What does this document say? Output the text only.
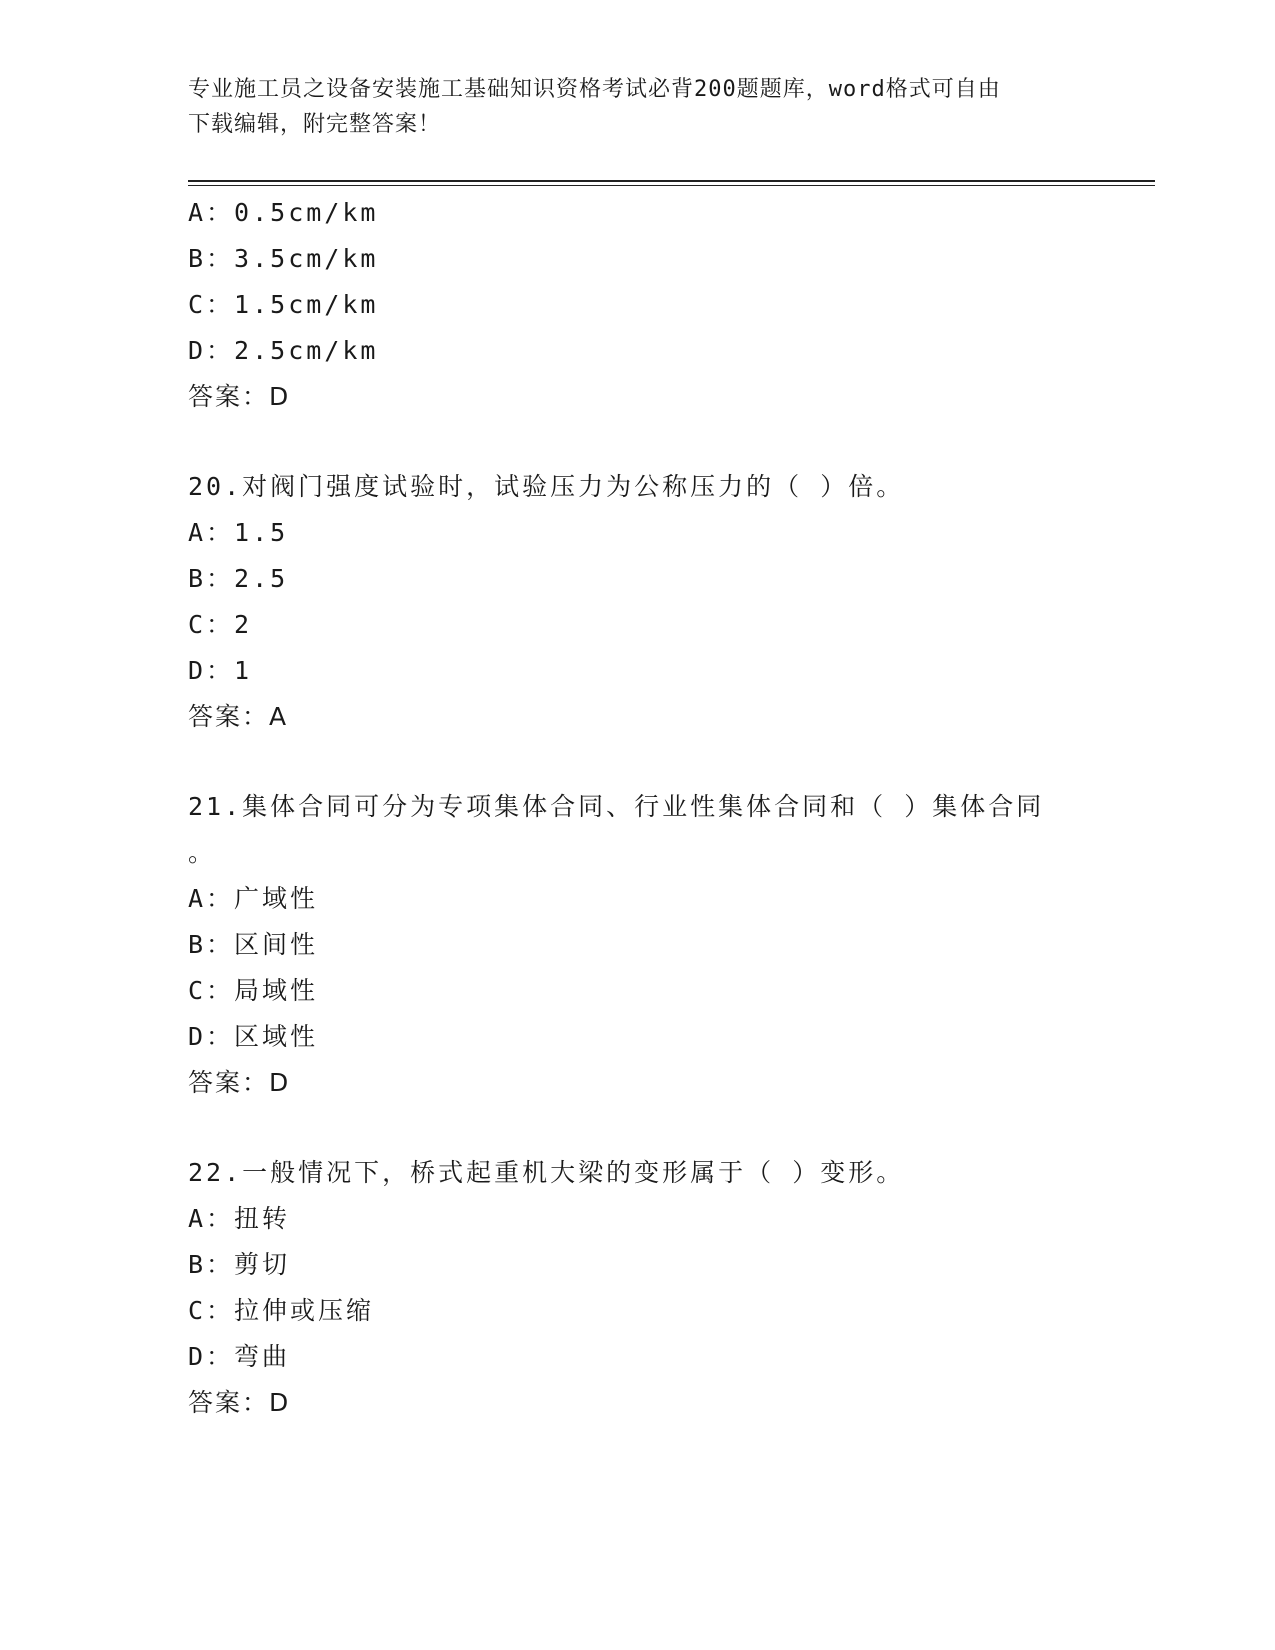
专业施工员之设备安装施工基础知识资格考试必背200题题库，word格式可自由
下载编辑，附完整答案！
A：0.5cm/km
B：3.5cm/km
C：1.5cm/km
D：2.5cm/km
答案：D
20.对阀门强度试验时，试验压力为公称压力的（ ）倍。
A：1.5
B：2.5
C：2
D：1
答案：A
21.集体合同可分为专项集体合同、行业性集体合同和（ ）集体合同
。
A：广域性
B：区间性
C：局域性
D：区域性
答案：D
22.一般情况下，桥式起重机大梁的变形属于（ ）变形。
A：扭转
B：剪切
C：拉伸或压缩
D：弯曲
答案：D
